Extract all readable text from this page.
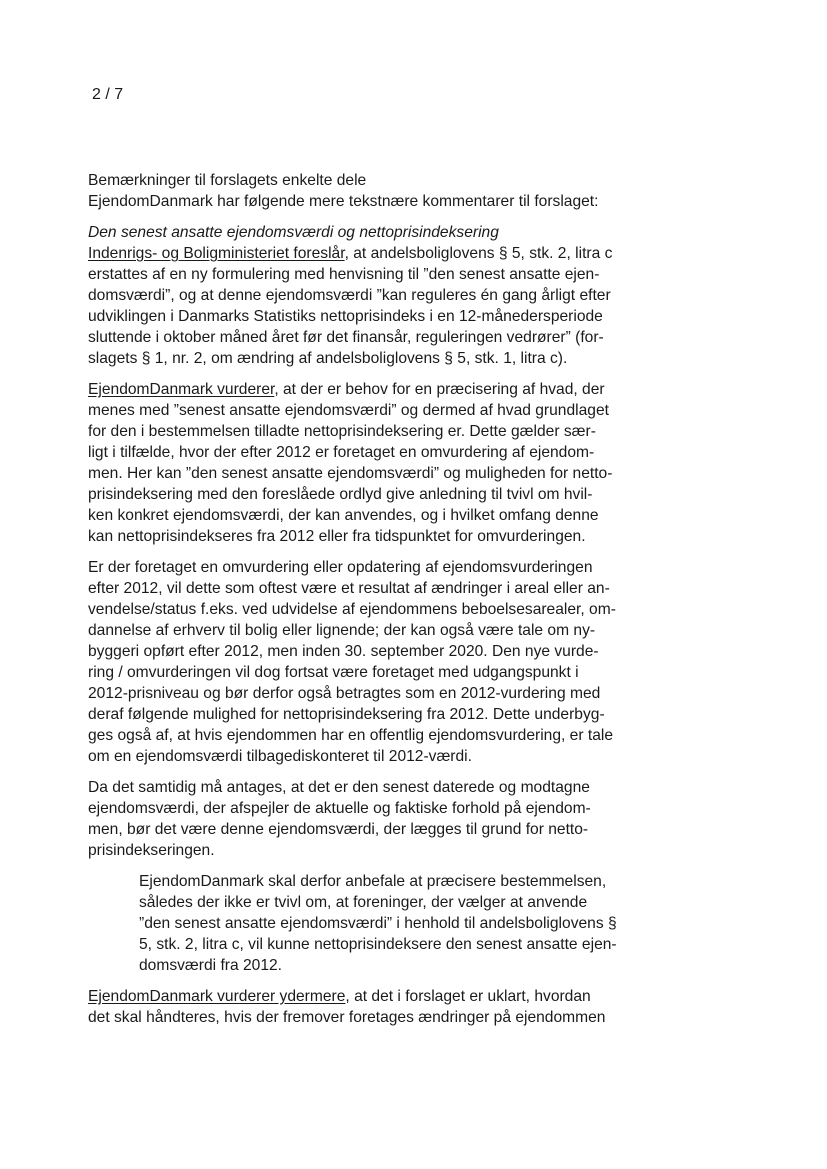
2 / 7
Bemærkninger til forslagets enkelte dele
EjendomDanmark har følgende mere tekstnære kommentarer til forslaget:
Den senest ansatte ejendomsværdi og nettoprisindeksering
Indenrigs- og Boligministeriet foreslår, at andelsboliglovens § 5, stk. 2, litra c
erstattes af en ny formulering med henvisning til ”den senest ansatte ejen-
domsværdi”, og at denne ejendomsværdi ”kan reguleres én gang årligt efter
udviklingen i Danmarks Statistiks nettoprisindeks i en 12-månedersperiode
sluttende i oktober måned året før det finansår, reguleringen vedrører” (for-
slagets § 1, nr. 2, om ændring af andelsboliglovens § 5, stk. 1, litra c).
EjendomDanmark vurderer, at der er behov for en præcisering af hvad, der
menes med ”senest ansatte ejendomsværdi” og dermed af hvad grundlaget
for den i bestemmelsen tilladte nettoprisindeksering er. Dette gælder sær-
ligt i tilfælde, hvor der efter 2012 er foretaget en omvurdering af ejendom-
men. Her kan ”den senest ansatte ejendomsværdi” og muligheden for netto-
prisindeksering med den foreslåede ordlyd give anledning til tvivl om hvil-
ken konkret ejendomsværdi, der kan anvendes, og i hvilket omfang denne
kan nettoprisindekseres fra 2012 eller fra tidspunktet for omvurderingen.
Er der foretaget en omvurdering eller opdatering af ejendomsvurderingen
efter 2012, vil dette som oftest være et resultat af ændringer i areal eller an-
vendelse/status f.eks. ved udvidelse af ejendommens beboelsesarealer, om-
dannelse af erhverv til bolig eller lignende; der kan også være tale om ny-
byggeri opført efter 2012, men inden 30. september 2020. Den nye vurde-
ring / omvurderingen vil dog fortsat være foretaget med udgangspunkt i
2012-prisniveau og bør derfor også betragtes som en 2012-vurdering med
deraf følgende mulighed for nettoprisindeksering fra 2012. Dette underbyg-
ges også af, at hvis ejendommen har en offentlig ejendomsvurdering, er tale
om en ejendomsværdi tilbagediskonteret til 2012-værdi.
Da det samtidig må antages, at det er den senest daterede og modtagne
ejendomsværdi, der afspejler de aktuelle og faktiske forhold på ejendom-
men, bør det være denne ejendomsværdi, der lægges til grund for netto-
prisindekseringen.
EjendomDanmark skal derfor anbefale at præcisere bestemmelsen,
således der ikke er tvivl om, at foreninger, der vælger at anvende
”den senest ansatte ejendomsværdi” i henhold til andelsboliglovens §
5, stk. 2, litra c, vil kunne nettoprisindeksere den senest ansatte ejen-
domsværdi fra 2012.
EjendomDanmark vurderer ydermere, at det i forslaget er uklart, hvordan
det skal håndteres, hvis der fremover foretages ændringer på ejendommen
